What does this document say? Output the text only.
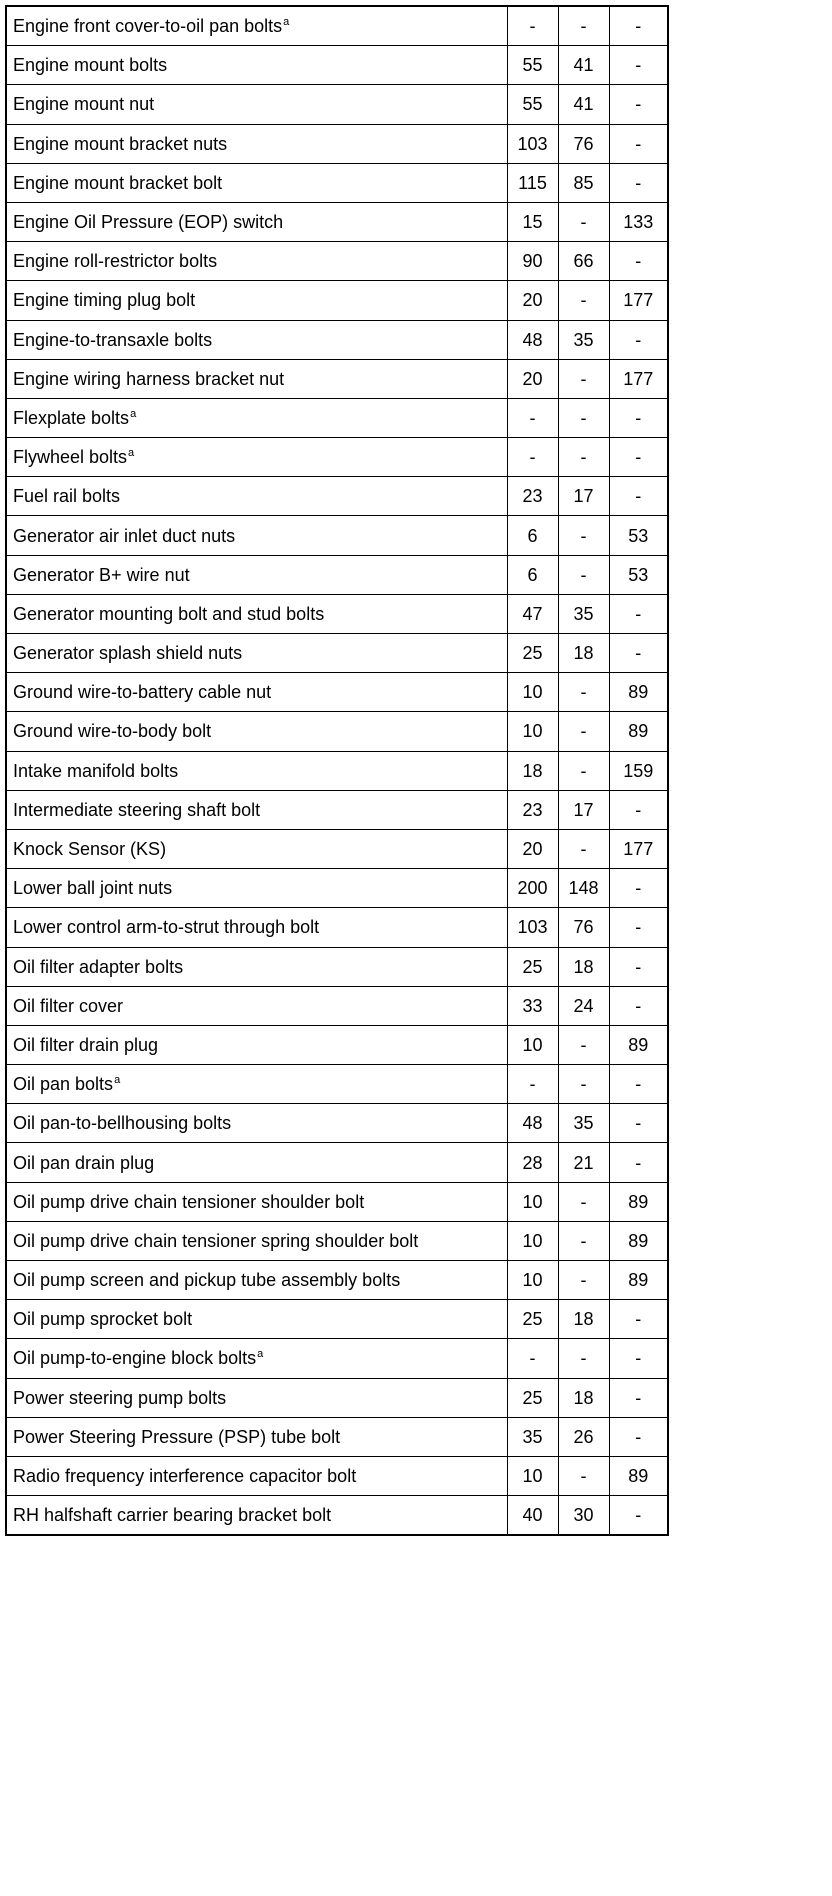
Engine front cover-to-oil pan bolts$^a$	-	-	-
Engine mount bolts	55	41	-
Engine mount nut	55	41	-
Engine mount bracket nuts	103	76	-
Engine mount bracket bolt	115	85	-
Engine Oil Pressure (EOP) switch	15	-	133
Engine roll-restrictor bolts	90	66	-
Engine timing plug bolt	20	-	177
Engine-to-transaxle bolts	48	35	-
Engine wiring harness bracket nut	20	-	177
Flexplate bolts$^a$	-	-	-
Flywheel bolts$^a$	-	-	-
Fuel rail bolts	23	17	-
Generator air inlet duct nuts	6	-	53
Generator B+ wire nut	6	-	53
Generator mounting bolt and stud bolts	47	35	-
Generator splash shield nuts	25	18	-
Ground wire-to-battery cable nut	10	-	89
Ground wire-to-body bolt	10	-	89
Intake manifold bolts	18	-	159
Intermediate steering shaft bolt	23	17	-
Knock Sensor (KS)	20	-	177
Lower ball joint nuts	200	148	-
Lower control arm-to-strut through bolt	103	76	-
Oil filter adapter bolts	25	18	-
Oil filter cover	33	24	-
Oil filter drain plug	10	-	89
Oil pan bolts$^a$	-	-	-
Oil pan-to-bellhousing bolts	48	35	-
Oil pan drain plug	28	21	-
Oil pump drive chain tensioner shoulder bolt	10	-	89
Oil pump drive chain tensioner spring shoulder bolt	10	-	89
Oil pump screen and pickup tube assembly bolts	10	-	89
Oil pump sprocket bolt	25	18	-
Oil pump-to-engine block bolts$^a$	-	-	-
Power steering pump bolts	25	18	-
Power Steering Pressure (PSP) tube bolt	35	26	-
Radio frequency interference capacitor bolt	10	-	89
RH halfshaft carrier bearing bracket bolt	40	30	-
